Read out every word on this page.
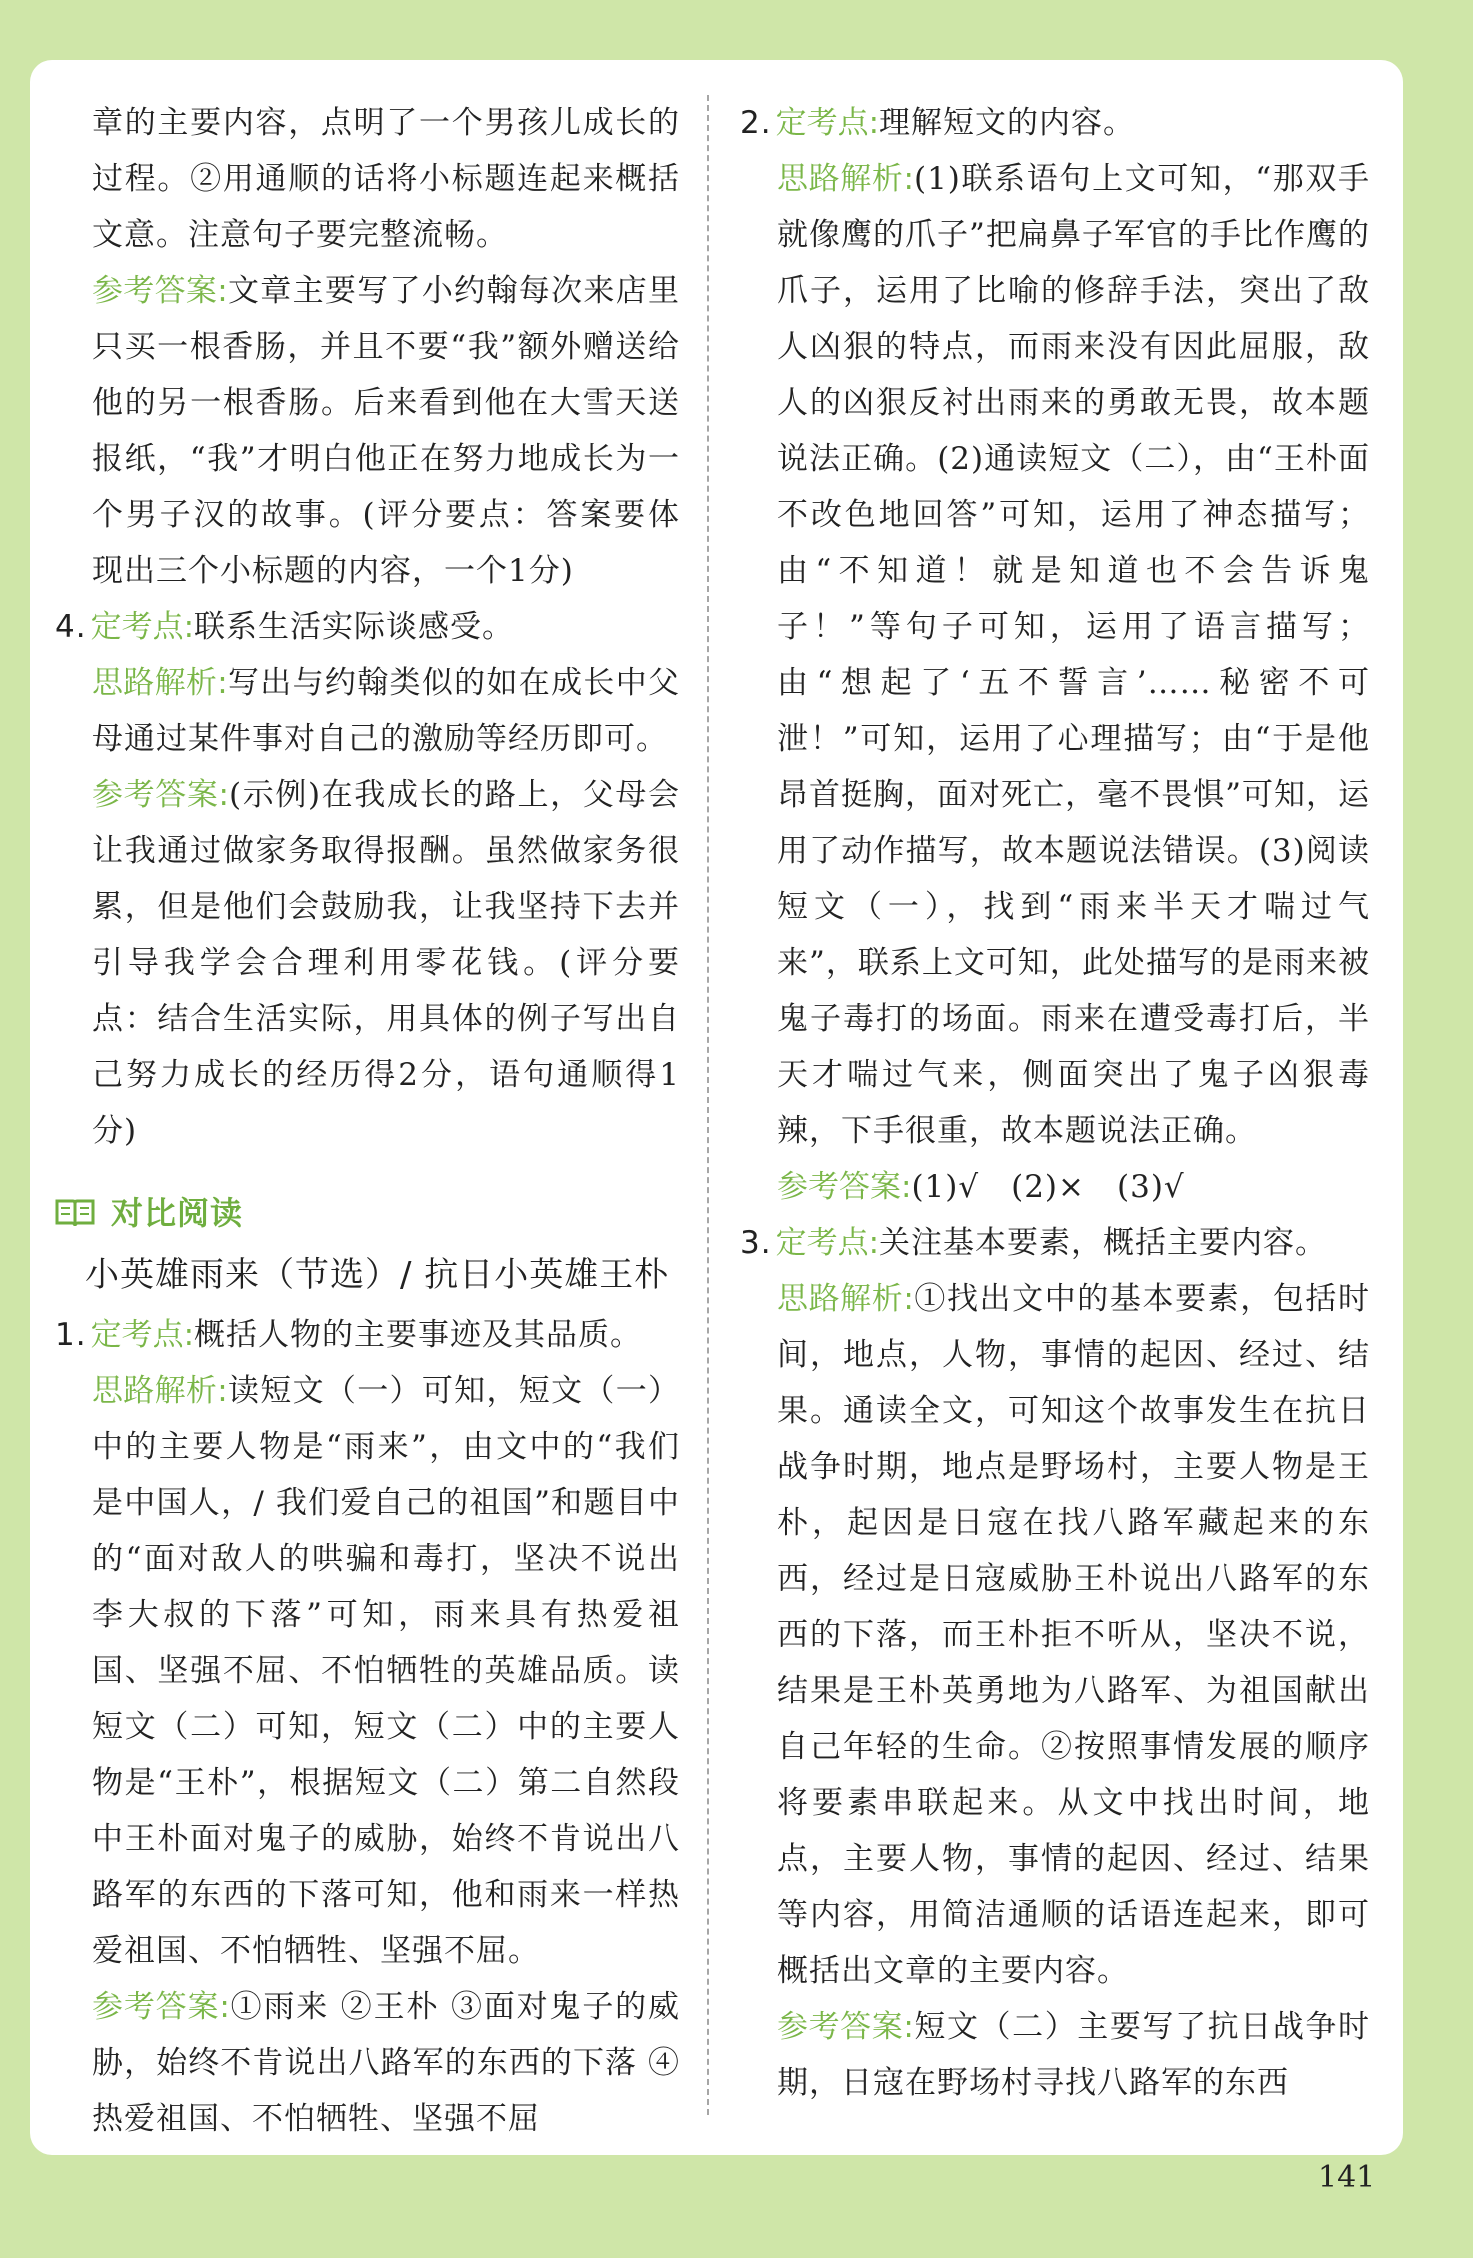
章的主要内容，点明了一个男孩儿成长的过程。②用通顺的话将小标题连起来概括文意。注意句子要完整流畅。
参考答案:文章主要写了小约翰每次来店里只买一根香肠，并且不要“我”额外赠送给他的另一根香肠。后来看到他在大雪天送报纸，“我”才明白他正在努力地成长为一个男子汉的故事。(评分要点：答案要体现出三个小标题的内容，一个1分)
4. 定考点:联系生活实际谈感受。
思路解析:写出与约翰类似的如在成长中父母通过某件事对自己的激励等经历即可。
参考答案:(示例)在我成长的路上，父母会让我通过做家务取得报酬。虽然做家务很累，但是他们会鼓励我，让我坚持下去并引导我学会合理利用零花钱。(评分要点：结合生活实际，用具体的例子写出自己努力成长的经历得2分，语句通顺得1分)
对比阅读
小英雄雨来（节选）/ 抗日小英雄王朴
1. 定考点:概括人物的主要事迹及其品质。
思路解析:读短文（一）可知，短文（一）中的主要人物是“雨来”，由文中的“我们是中国人，/ 我们爱自己的祖国”和题目中的“面对敌人的哄骗和毒打，坚决不说出李大叔的下落”可知，雨来具有热爱祖国、坚强不屈、不怕牺牲的英雄品质。读短文（二）可知，短文（二）中的主要人物是“王朴”，根据短文（二）第二自然段中王朴面对鬼子的威胁，始终不肯说出八路军的东西的下落可知，他和雨来一样热爱祖国、不怕牺牲、坚强不屈。
参考答案:①雨来 ②王朴 ③面对鬼子的威胁，始终不肯说出八路军的东西的下落 ④热爱祖国、不怕牺牲、坚强不屈
2. 定考点:理解短文的内容。
思路解析:(1)联系语句上文可知，“那双手就像鹰的爪子”把扁鼻子军官的手比作鹰的爪子，运用了比喻的修辞手法，突出了敌人凶狠的特点，而雨来没有因此屈服，敌人的凶狠反衬出雨来的勇敢无畏，故本题说法正确。(2)通读短文（二），由“王朴面不改色地回答”可知，运用了神态描写；由“不知道！就是知道也不会告诉鬼子！”等句子可知，运用了语言描写；由“想起了‘五不誓言’……秘密不可泄！”可知，运用了心理描写；由“于是他昂首挺胸，面对死亡，毫不畏惧”可知，运用了动作描写，故本题说法错误。(3)阅读短文（一），找到“雨来半天才喘过气来”，联系上文可知，此处描写的是雨来被鬼子毒打的场面。雨来在遭受毒打后，半天才喘过气来，侧面突出了鬼子凶狠毒辣，下手很重，故本题说法正确。
参考答案:(1)√　(2)×　(3)√
3. 定考点:关注基本要素，概括主要内容。
思路解析:①找出文中的基本要素，包括时间，地点，人物，事情的起因、经过、结果。通读全文，可知这个故事发生在抗日战争时期，地点是野场村，主要人物是王朴，起因是日寇在找八路军藏起来的东西，经过是日寇威胁王朴说出八路军的东西的下落，而王朴拒不听从，坚决不说，结果是王朴英勇地为八路军、为祖国献出自己年轻的生命。②按照事情发展的顺序将要素串联起来。从文中找出时间，地点，主要人物，事情的起因、经过、结果等内容，用简洁通顺的话语连起来，即可概括出文章的主要内容。
参考答案:短文（二）主要写了抗日战争时期，日寇在野场村寻找八路军的东西
141
